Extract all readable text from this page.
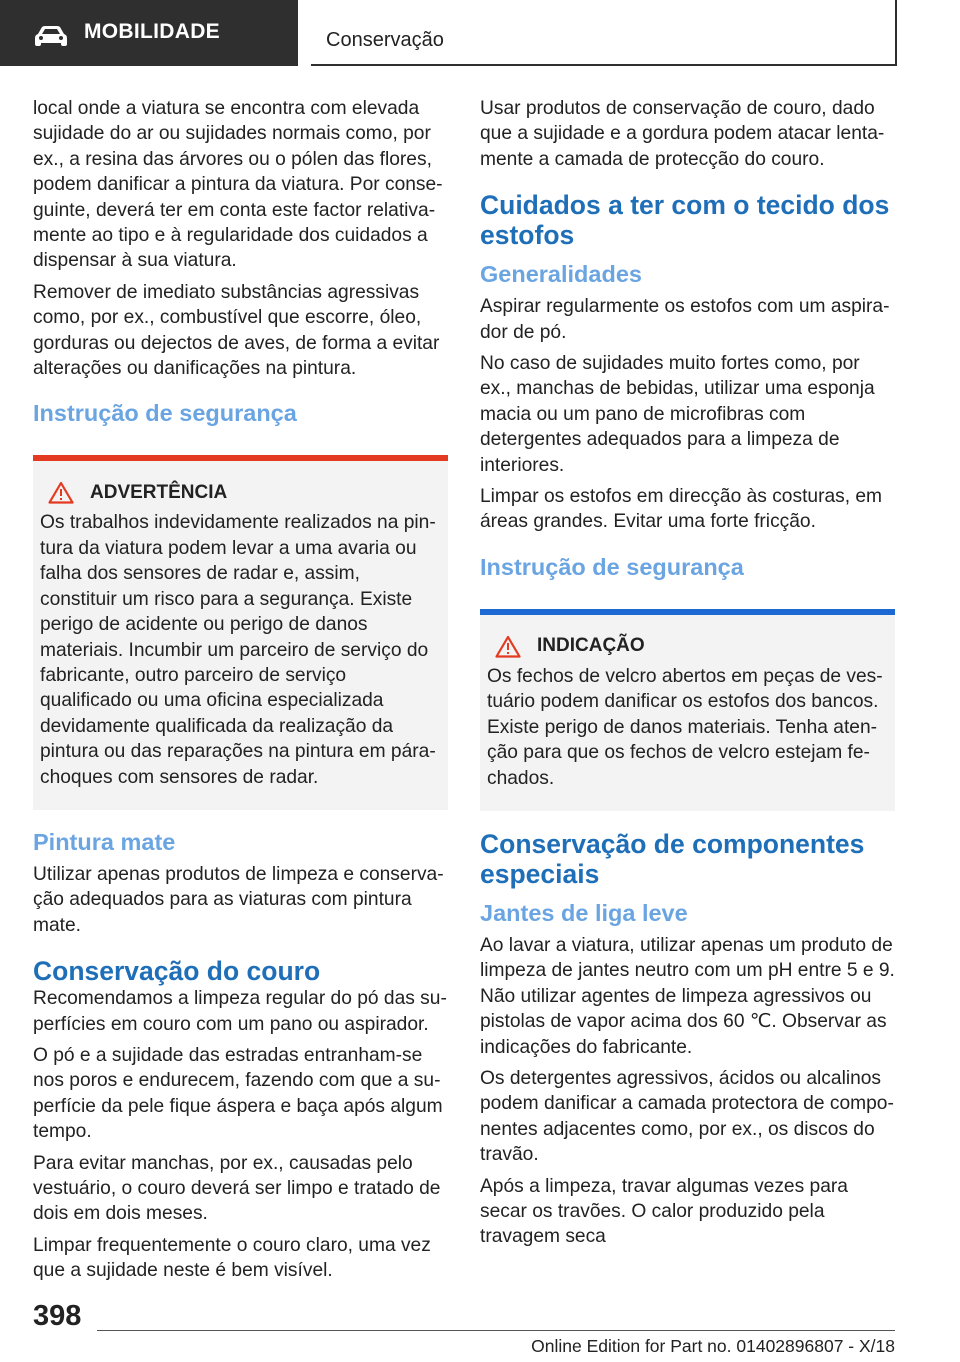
MOBILIDADE	Conservação

local onde a viatura se encontra com elevada sujidade do ar ou sujidades normais como, por ex., a resina das árvores ou o pólen das flores, podem danificar a pintura da viatura. Por conseguinte, deverá ter em conta este factor relativamente ao tipo e à regularidade dos cuidados a dispensar à sua viatura.

Remover de imediato substâncias agressivas como, por ex., combustível que escorre, óleo, gorduras ou dejectos de aves, de forma a evitar alterações ou danificações na pintura.

Instrução de segurança
ADVERTÊNCIA

Os trabalhos indevidamente realizados na pintura da viatura podem levar a uma avaria ou falha dos sensores de radar e, assim, constituir um risco para a segurança. Existe perigo de acidente ou perigo de danos materiais. Incumbir um parceiro de serviço do fabricante, outro parceiro de serviço qualificado ou uma oficina especializada devidamente qualificada da realização da pintura ou das reparações na pintura em pára-choques com sensores de radar.

Pintura mate

Utilizar apenas produtos de limpeza e conservação adequados para as viaturas com pintura mate.

Conservação do couro

Recomendamos a limpeza regular do pó das superfícies em couro com um pano ou aspirador.

O pó e a sujidade das estradas entranham-se nos poros e endurecem, fazendo com que a superfície da pele fique áspera e baça após algum tempo.

Para evitar manchas, por ex., causadas pelo vestuário, o couro deverá ser limpo e tratado de dois em dois meses.

Limpar frequentemente o couro claro, uma vez que a sujidade neste é bem visível.

Usar produtos de conservação de couro, dado que a sujidade e a gordura podem atacar lentamente a camada de protecção do couro.

Cuidados a ter com o tecido dos estofos
Generalidades

Aspirar regularmente os estofos com um aspirador de pó.

No caso de sujidades muito fortes como, por ex., manchas de bebidas, utilizar uma esponja macia ou um pano de microfibras com detergentes adequados para a limpeza de interiores.

Limpar os estofos em direcção às costuras, em áreas grandes. Evitar uma forte fricção.

Instrução de segurança
INDICAÇÃO

Os fechos de velcro abertos em peças de vestuário podem danificar os estofos dos bancos. Existe perigo de danos materiais. Tenha atenção para que os fechos de velcro estejam fechados.

Conservação de componentes especiais
Jantes de liga leve

Ao lavar a viatura, utilizar apenas um produto de limpeza de jantes neutro com um pH entre 5 e 9. Não utilizar agentes de limpeza agressivos ou pistolas de vapor acima dos 60 ℃. Observar as indicações do fabricante.

Os detergentes agressivos, ácidos ou alcalinos podem danificar a camada protectora de componentes adjacentes como, por ex., os discos do travão.

Após a limpeza, travar algumas vezes para secar os travões. O calor produzido pela travagem seca

398
Online Edition for Part no. 01402896807 - X/18
